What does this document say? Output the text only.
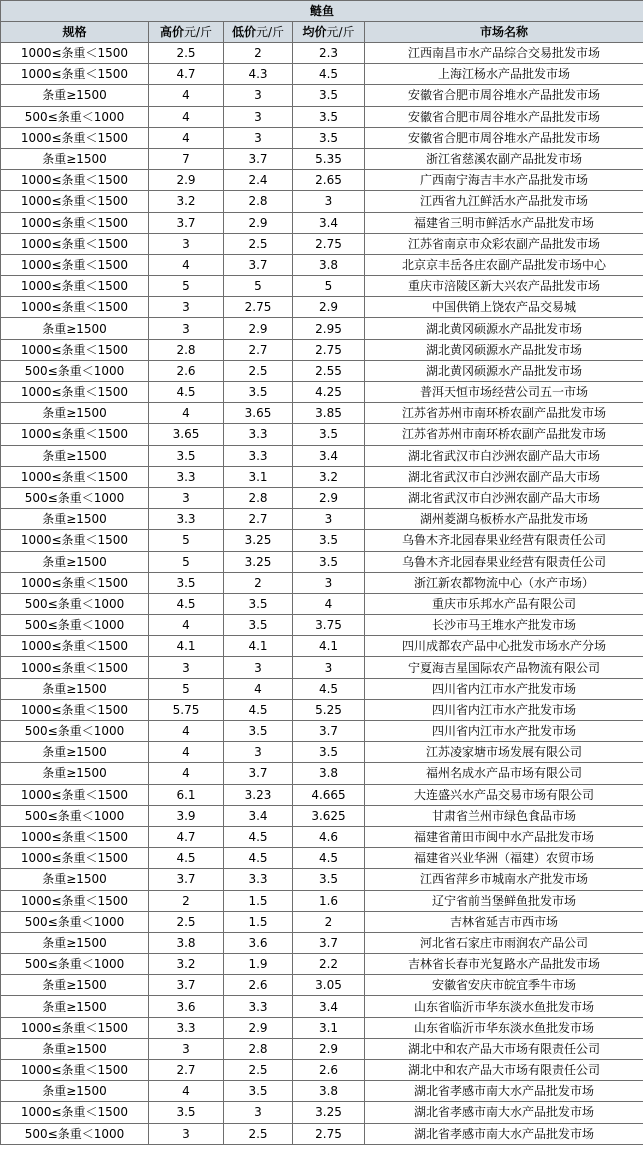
鲢鱼				
规格	高价元/斤	低价元/斤	均价元/斤	市场名称
1000≤条重＜1500	2.5	2	2.3	江西南昌市水产品综合交易批发市场
1000≤条重＜1500	4.7	4.3	4.5	上海江杨水产品批发市场
条重≥1500	4	3	3.5	安徽省合肥市周谷堆水产品批发市场
500≤条重＜1000	4	3	3.5	安徽省合肥市周谷堆水产品批发市场
1000≤条重＜1500	4	3	3.5	安徽省合肥市周谷堆水产品批发市场
条重≥1500	7	3.7	5.35	浙江省慈溪农副产品批发市场
1000≤条重＜1500	2.9	2.4	2.65	广西南宁海吉丰水产品批发市场
1000≤条重＜1500	3.2	2.8	3	江西省九江鲜活水产品批发市场
1000≤条重＜1500	3.7	2.9	3.4	福建省三明市鲜活水产品批发市场
1000≤条重＜1500	3	2.5	2.75	江苏省南京市众彩农副产品批发市场
1000≤条重＜1500	4	3.7	3.8	北京京丰岳各庄农副产品批发市场中心
1000≤条重＜1500	5	5	5	重庆市涪陵区新大兴农产品批发市场
1000≤条重＜1500	3	2.75	2.9	中国供销上饶农产品交易城
条重≥1500	3	2.9	2.95	湖北黄冈硕源水产品批发市场
1000≤条重＜1500	2.8	2.7	2.75	湖北黄冈硕源水产品批发市场
500≤条重＜1000	2.6	2.5	2.55	湖北黄冈硕源水产品批发市场
1000≤条重＜1500	4.5	3.5	4.25	普洱天恒市场经营公司五一市场
条重≥1500	4	3.65	3.85	江苏省苏州市南环桥农副产品批发市场
1000≤条重＜1500	3.65	3.3	3.5	江苏省苏州市南环桥农副产品批发市场
条重≥1500	3.5	3.3	3.4	湖北省武汉市白沙洲农副产品大市场
1000≤条重＜1500	3.3	3.1	3.2	湖北省武汉市白沙洲农副产品大市场
500≤条重＜1000	3	2.8	2.9	湖北省武汉市白沙洲农副产品大市场
条重≥1500	3.3	2.7	3	湖州菱湖乌板桥水产品批发市场
1000≤条重＜1500	5	3.25	3.5	乌鲁木齐北园春果业经营有限责任公司
条重≥1500	5	3.25	3.5	乌鲁木齐北园春果业经营有限责任公司
1000≤条重＜1500	3.5	2	3	浙江新农都物流中心（水产市场）
500≤条重＜1000	4.5	3.5	4	重庆市乐邦水产品有限公司
500≤条重＜1000	4	3.5	3.75	长沙市马王堆水产批发市场
1000≤条重＜1500	4.1	4.1	4.1	四川成都农产品中心批发市场水产分场
1000≤条重＜1500	3	3	3	宁夏海吉星国际农产品物流有限公司
条重≥1500	5	4	4.5	四川省内江市水产批发市场
1000≤条重＜1500	5.75	4.5	5.25	四川省内江市水产批发市场
500≤条重＜1000	4	3.5	3.7	四川省内江市水产批发市场
条重≥1500	4	3	3.5	江苏凌家塘市场发展有限公司
条重≥1500	4	3.7	3.8	福州名成水产品市场有限公司
1000≤条重＜1500	6.1	3.23	4.665	大连盛兴水产品交易市场有限公司
500≤条重＜1000	3.9	3.4	3.625	甘肃省兰州市绿色食品市场
1000≤条重＜1500	4.7	4.5	4.6	福建省莆田市闽中水产品批发市场
1000≤条重＜1500	4.5	4.5	4.5	福建省兴业华洲（福建）农贸市场
条重≥1500	3.7	3.3	3.5	江西省萍乡市城南水产批发市场
1000≤条重＜1500	2	1.5	1.6	辽宁省前当堡鲜鱼批发市场
500≤条重＜1000	2.5	1.5	2	吉林省延吉市西市场
条重≥1500	3.8	3.6	3.7	河北省石家庄市雨润农产品公司
500≤条重＜1000	3.2	1.9	2.2	吉林省长春市光复路水产品批发市场
条重≥1500	3.7	2.6	3.05	安徽省安庆市皖宜季牛市场
条重≥1500	3.6	3.3	3.4	山东省临沂市华东淡水鱼批发市场
1000≤条重＜1500	3.3	2.9	3.1	山东省临沂市华东淡水鱼批发市场
条重≥1500	3	2.8	2.9	湖北中和农产品大市场有限责任公司
1000≤条重＜1500	2.7	2.5	2.6	湖北中和农产品大市场有限责任公司
条重≥1500	4	3.5	3.8	湖北省孝感市南大水产品批发市场
1000≤条重＜1500	3.5	3	3.25	湖北省孝感市南大水产品批发市场
500≤条重＜1000	3	2.5	2.75	湖北省孝感市南大水产品批发市场
